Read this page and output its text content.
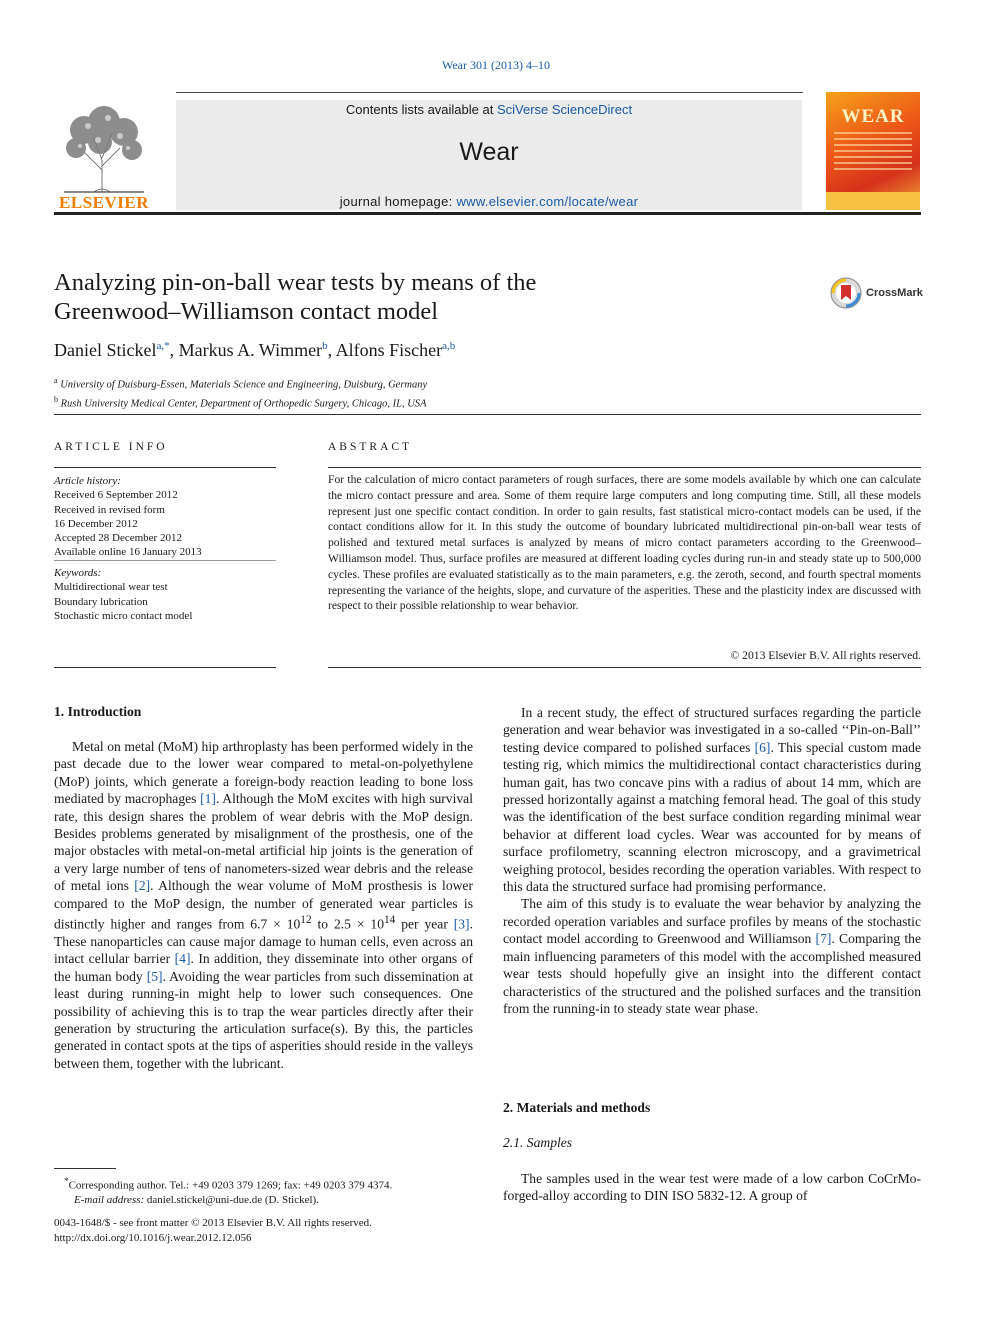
Wear 301 (2013) 4–10
Contents lists available at SciVerse ScienceDirect
Wear
journal homepage: www.elsevier.com/locate/wear
ELSEVIER
WEAR
Analyzing pin-on-ball wear tests by means of the
Greenwood–Williamson contact model
CrossMark
Daniel Stickel$^{a,*}$, Markus A. Wimmer$^b$, Alfons Fischer$^{a,b}$
$^a$ University of Duisburg-Essen, Materials Science and Engineering, Duisburg, Germany
$^b$ Rush University Medical Center, Department of Orthopedic Surgery, Chicago, IL, USA
ARTICLE INFO
Article history:
Received 6 September 2012
Received in revised form
16 December 2012
Accepted 28 December 2012
Available online 16 January 2013
Keywords:
Multidirectional wear test
Boundary lubrication
Stochastic micro contact model
ABSTRACT
For the calculation of micro contact parameters of rough surfaces, there are some models available by which one can calculate the micro contact pressure and area. Some of them require large computers and long computing time. Still, all these models represent just one specific contact condition. In order to gain results, fast statistical micro-contact models can be used, if the contact conditions allow for it. In this study the outcome of boundary lubricated multidirectional pin-on-ball wear tests of polished and textured metal surfaces is analyzed by means of micro contact parameters according to the Greenwood–Williamson model. Thus, surface profiles are measured at different loading cycles during run-in and steady state up to 500,000 cycles. These profiles are evaluated statistically as to the main parameters, e.g. the zeroth, second, and fourth spectral moments representing the variance of the heights, slope, and curvature of the asperities. These and the plasticity index are discussed with respect to their possible relationship to wear behavior.
© 2013 Elsevier B.V. All rights reserved.
1. Introduction

Metal on metal (MoM) hip arthroplasty has been performed widely in the past decade due to the lower wear compared to metal-on-polyethylene (MoP) joints, which generate a foreign-body reaction leading to bone loss mediated by macrophages [1]. Although the MoM excites with high survival rate, this design shares the problem of wear debris with the MoP design. Besides problems generated by misalignment of the prosthesis, one of the major obstacles with metal-on-metal artificial hip joints is the generation of a very large number of tens of nanometers-sized wear debris and the release of metal ions [2]. Although the wear volume of MoM prosthesis is lower compared to the MoP design, the number of generated wear particles is distinctly higher and ranges from $6.7 \times 10^{12}$ to $2.5 \times 10^{14}$ per year [3]. These nanoparticles can cause major damage to human cells, even across an intact cellular barrier [4]. In addition, they disseminate into other organs of the human body [5]. Avoiding the wear particles from such dissemination at least during running-in might help to lower such consequences. One possibility of achieving this is to trap the wear particles directly after their generation by structuring the articulation surface(s). By this, the particles generated in contact spots at the tips of asperities should reside in the valleys between them, together with the lubricant.

In a recent study, the effect of structured surfaces regarding the particle generation and wear behavior was investigated in a so-called ‘‘Pin-on-Ball’’ testing device compared to polished surfaces [6]. This special custom made testing rig, which mimics the multidirectional contact characteristics during human gait, has two concave pins with a radius of about 14 mm, which are pressed horizontally against a matching femoral head. The goal of this study was the identification of the best surface condition regarding minimal wear behavior at different load cycles. Wear was accounted for by means of surface profilometry, scanning electron microscopy, and a gravimetrical weighing protocol, besides recording the operation variables. With respect to this data the structured surface had promising performance.

The aim of this study is to evaluate the wear behavior by analyzing the recorded operation variables and surface profiles by means of the stochastic contact model according to Greenwood and Williamson [7]. Comparing the main influencing parameters of this model with the accomplished measured wear tests should hopefully give an insight into the different contact characteristics of the structured and the polished surfaces and the transition from the running-in to steady state wear phase.

2. Materials and methods
2.1. Samples

The samples used in the wear test were made of a low carbon CoCrMo-forged-alloy according to DIN ISO 5832-12. A group of

*Corresponding author. Tel.: +49 0203 379 1269; fax: +49 0203 379 4374.
E-mail address: daniel.stickel@uni-due.de (D. Stickel).
0043-1648/$ - see front matter © 2013 Elsevier B.V. All rights reserved.
http://dx.doi.org/10.1016/j.wear.2012.12.056
